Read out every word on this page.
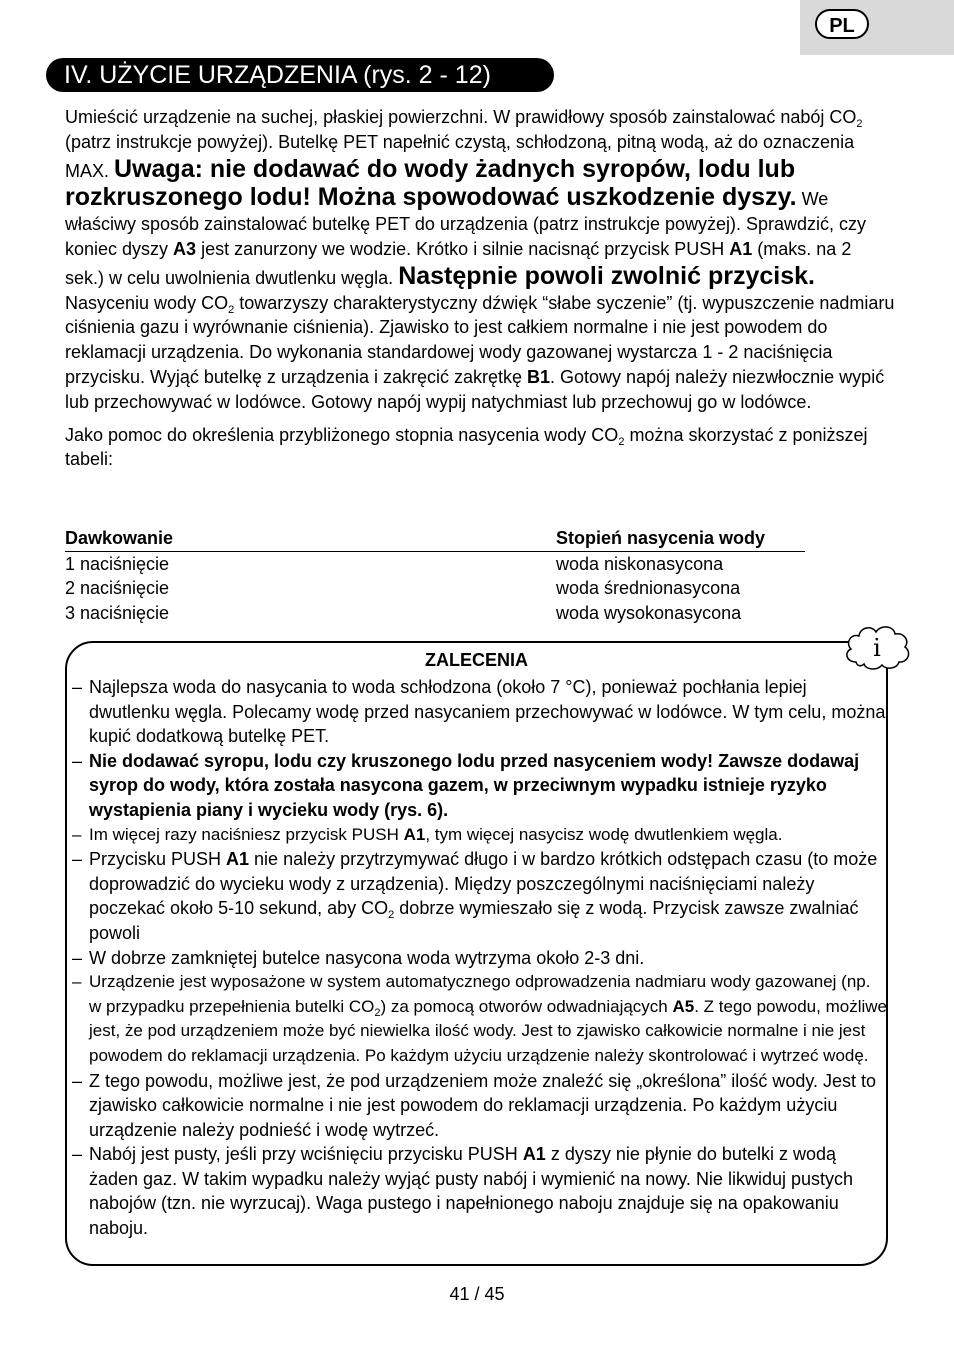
PL
IV. UŻYCIE URZĄDZENIA (rys. 2 - 12)

Umieścić urządzenie na suchej, płaskiej powierzchni. W prawidłowy sposób zainstalować nabój $CO_2$ (patrz instrukcje powyżej). Butelkę PET napełnić czystą, schłodzoną, pitną wodą, aż do oznaczenia MAX. Uwaga: nie dodawać do wody żadnych syropów, lodu lub rozkruszonego lodu! Można spowodować uszkodzenie dyszy. We właściwy sposób zainstalować butelkę PET do urządzenia (patrz instrukcje powyżej). Sprawdzić, czy koniec dyszy A3 jest zanurzony we wodzie. Krótko i silnie nacisnąć przycisk PUSH A1 (maks. na 2 sek.) w celu uwolnienia dwutlenku węgla. Następnie powoli zwolnić przycisk. Nasyceniu wody $CO_2$ towarzyszy charakterystyczny dźwięk “słabe syczenie” (tj. wypuszczenie nadmiaru ciśnienia gazu i wyrównanie ciśnienia). Zjawisko to jest całkiem normalne i nie jest powodem do reklamacji urządzenia. Do wykonania standardowej wody gazowanej wystarcza 1 - 2 naciśnięcia przycisku. Wyjąć butelkę z urządzenia i zakręcić zakrętkę B1. Gotowy napój należy niezwłocznie wypić lub przechowywać w lodówce. Gotowy napój wypij natychmiast lub przechowuj go w lodówce.

Jako pomoc do określenia przybliżonego stopnia nasycenia wody $CO_2$ można skorzystać z poniższej tabeli:

Dawkowanie	Stopień nasycenia wody
1 naciśnięcie	woda niskonasycona
2 naciśnięcie	woda średnionasycona
3 naciśnięcie	woda wysokonasycona
i
ZALECENIA
– Najlepsza woda do nasycania to woda schłodzona (około 7 °C), ponieważ pochłania lepiej dwutlenku węgla. Polecamy wodę przed nasycaniem przechowywać w lodówce. W tym celu, można kupić dodatkową butelkę PET.
– Nie dodawać syropu, lodu czy kruszonego lodu przed nasyceniem wody! Zawsze dodawaj syrop do wody, która została nasycona gazem, w przeciwnym wypadku istnieje ryzyko wystapienia piany i wycieku wody (rys. 6).
– Im więcej razy naciśniesz przycisk PUSH A1, tym więcej nasycisz wodę dwutlenkiem węgla.
– Przycisku PUSH A1 nie należy przytrzymywać długo i w bardzo krótkich odstępach czasu (to może doprowadzić do wycieku wody z urządzenia). Między poszczególnymi naciśnięciami należy poczekać około 5-10 sekund, aby $CO_2$ dobrze wymieszało się z wodą. Przycisk zawsze zwalniać powoli
– W dobrze zamkniętej butelce nasycona woda wytrzyma około 2-3 dni.
– Urządzenie jest wyposażone w system automatycznego odprowadzenia nadmiaru wody gazowanej (np. w przypadku przepełnienia butelki $CO_2$) za pomocą otworów odwadniających A5. Z tego powodu, możliwe jest, że pod urządzeniem może być niewielka ilość wody. Jest to zjawisko całkowicie normalne i nie jest powodem do reklamacji urządzenia. Po każdym użyciu urządzenie należy skontrolować i wytrzeć wodę.
– Z tego powodu, możliwe jest, że pod urządzeniem może znaleźć się „określona” ilość wody. Jest to zjawisko całkowicie normalne i nie jest powodem do reklamacji urządzenia. Po każdym użyciu urządzenie należy podnieść i wodę wytrzeć.
– Nabój jest pusty, jeśli przy wciśnięciu przycisku PUSH A1 z dyszy nie płynie do butelki z wodą żaden gaz. W takim wypadku należy wyjąć pusty nabój i wymienić na nowy. Nie likwiduj pustych nabojów (tzn. nie wyrzucaj). Waga pustego i napełnionego naboju znajduje się na opakowaniu naboju.
41 / 45
